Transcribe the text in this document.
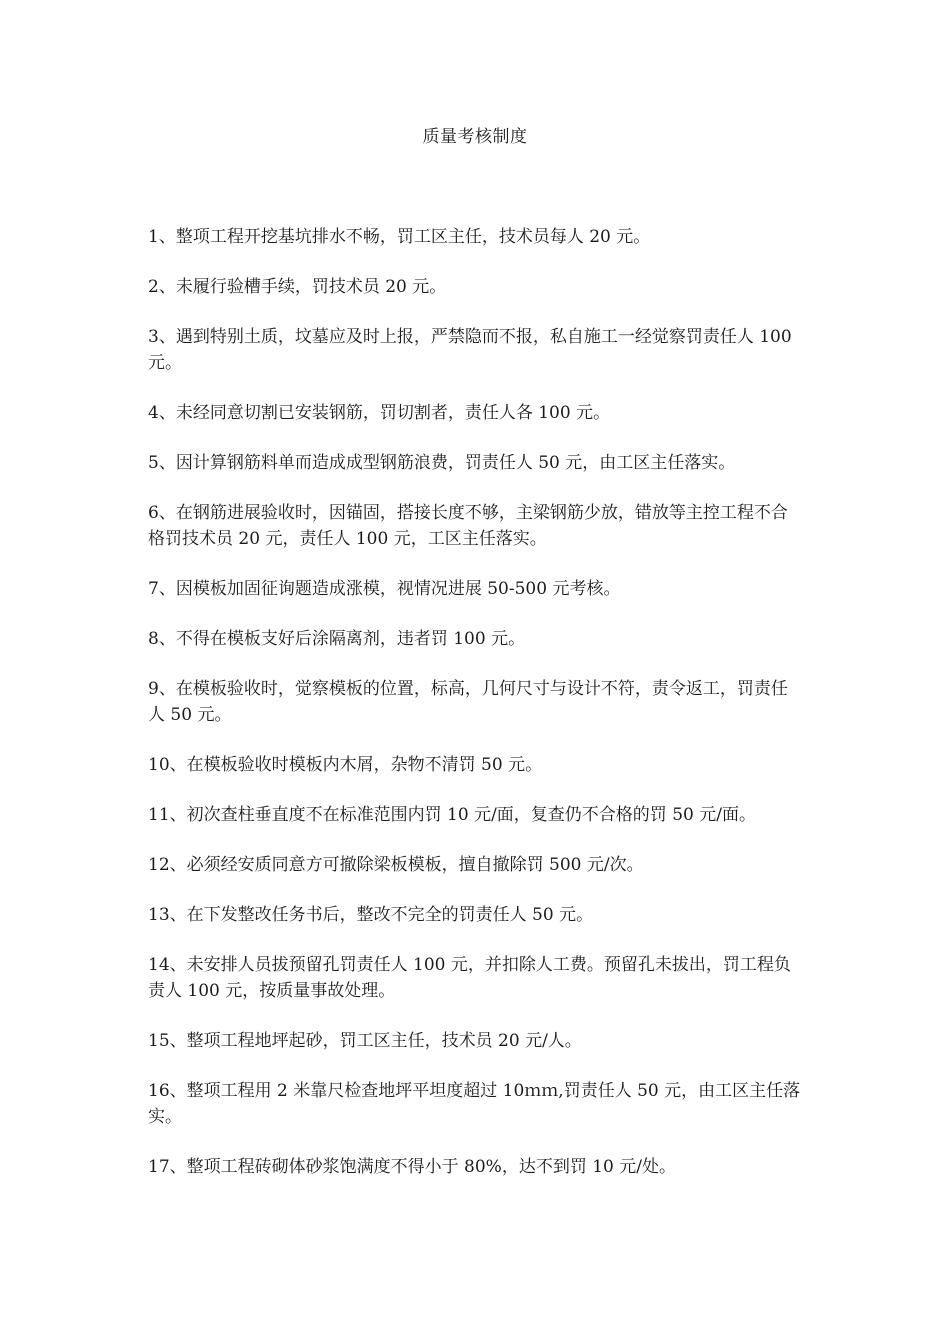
质量考核制度
1、整项工程开挖基坑排水不畅，罚工区主任，技术员每人 20 元。
2、未履行验槽手续，罚技术员 20 元。
3、遇到特别土质，坟墓应及时上报，严禁隐而不报，私自施工一经觉察罚责任人 100 元。
4、未经同意切割已安装钢筋，罚切割者，责任人各 100 元。
5、因计算钢筋料单而造成成型钢筋浪费，罚责任人 50 元，由工区主任落实。
6、在钢筋进展验收时，因锚固，搭接长度不够，主梁钢筋少放，错放等主控工程不合格罚技术员 20 元，责任人 100 元，工区主任落实。
7、因模板加固征询题造成涨模，视情况进展 50-500 元考核。
8、不得在模板支好后涂隔离剂，违者罚 100 元。
9、在模板验收时，觉察模板的位置，标高，几何尺寸与设计不符，责令返工，罚责任人 50 元。
10、在模板验收时模板内木屑，杂物不清罚 50 元。
11、初次查柱垂直度不在标准范围内罚 10 元/面，复查仍不合格的罚 50 元/面。
12、必须经安质同意方可撤除梁板模板，擅自撤除罚 500 元/次。
13、在下发整改任务书后，整改不完全的罚责任人 50 元。
14、未安排人员拔预留孔罚责任人 100 元，并扣除人工费。预留孔未拔出，罚工程负责人 100 元，按质量事故处理。
15、整项工程地坪起砂，罚工区主任，技术员 20 元/人。
16、整项工程用 2 米靠尺检查地坪平坦度超过 10ｍｍ,罚责任人 50 元，由工区主任落实。
17、整项工程砖砌体砂浆饱满度不得小于 80%，达不到罚 10 元/处。
